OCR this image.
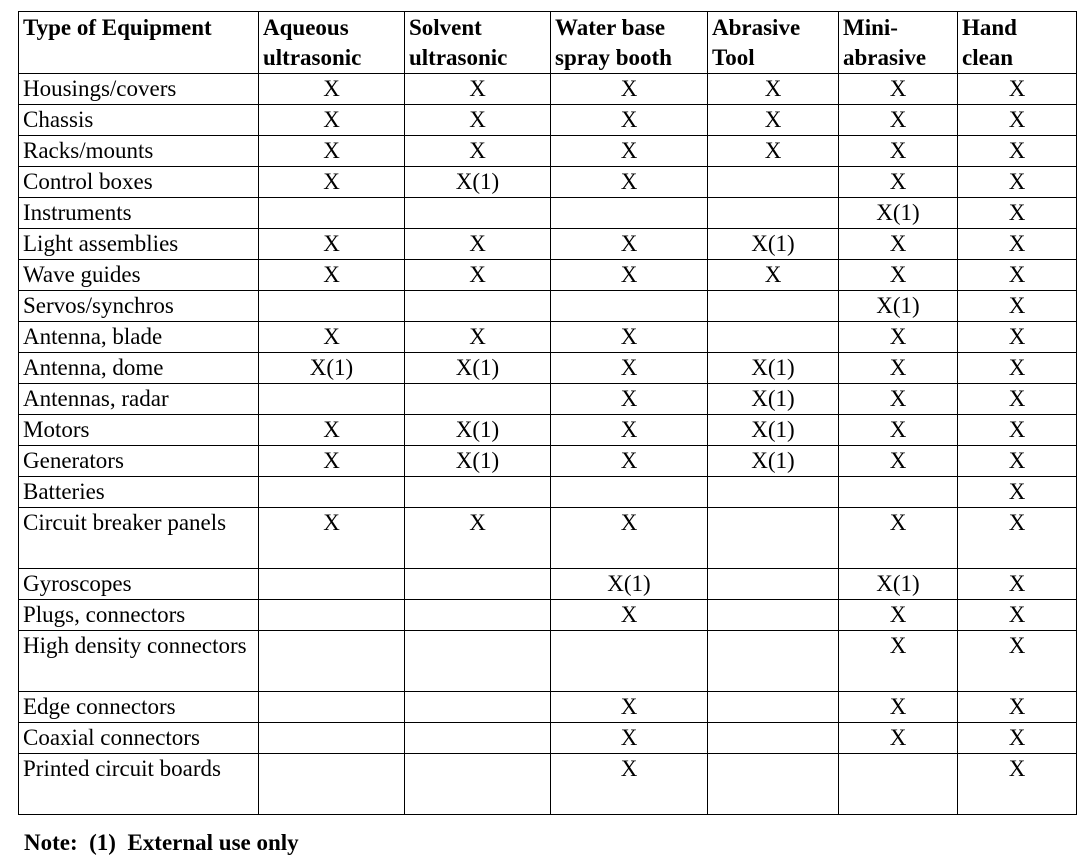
Type of Equipment	Aqueous ultrasonic	Solvent ultrasonic	Water base spray booth	Abrasive Tool	Mini-abrasive	Hand clean
Housings/covers	X	X	X	X	X	X
Chassis	X	X	X	X	X	X
Racks/mounts	X	X	X	X	X	X
Control boxes	X	X(1)	X		X	X
Instruments					X(1)	X
Light assemblies	X	X	X	X(1)	X	X
Wave guides	X	X	X	X	X	X
Servos/synchros					X(1)	X
Antenna, blade	X	X	X		X	X
Antenna, dome	X(1)	X(1)	X	X(1)	X	X
Antennas, radar			X	X(1)	X	X
Motors	X	X(1)	X	X(1)	X	X
Generators	X	X(1)	X	X(1)	X	X
Batteries						X
Circuit breaker panels	X	X	X		X	X
Gyroscopes			X(1)		X(1)	X
Plugs, connectors			X		X	X
High density connectors					X	X
Edge connectors			X		X	X
Coaxial connectors			X		X	X
Printed circuit boards			X			X
Note:  (1)  External use only
